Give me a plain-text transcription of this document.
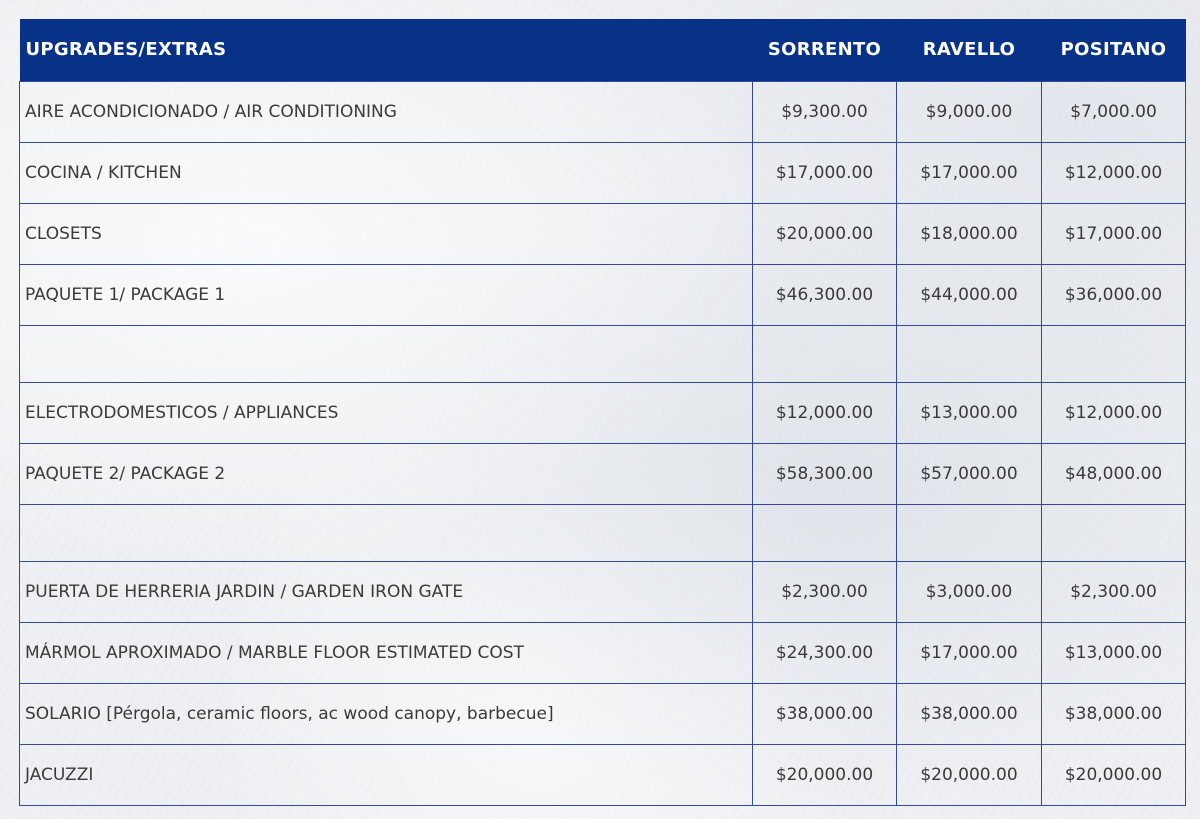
UPGRADES/EXTRAS	SORRENTO	RAVELLO	POSITANO
AIRE ACONDICIONADO / AIR CONDITIONING	$9,300.00	$9,000.00	$7,000.00
COCINA / KITCHEN	$17,000.00	$17,000.00	$12,000.00
CLOSETS	$20,000.00	$18,000.00	$17,000.00
PAQUETE 1/ PACKAGE 1	$46,300.00	$44,000.00	$36,000.00

ELECTRODOMESTICOS / APPLIANCES	$12,000.00	$13,000.00	$12,000.00
PAQUETE 2/ PACKAGE 2	$58,300.00	$57,000.00	$48,000.00

PUERTA DE HERRERIA JARDIN / GARDEN IRON GATE	$2,300.00	$3,000.00	$2,300.00
MÁRMOL APROXIMADO / MARBLE FLOOR ESTIMATED COST	$24,300.00	$17,000.00	$13,000.00
SOLARIO [Pérgola, ceramic floors, ac wood canopy, barbecue]	$38,000.00	$38,000.00	$38,000.00
JACUZZI	$20,000.00	$20,000.00	$20,000.00
